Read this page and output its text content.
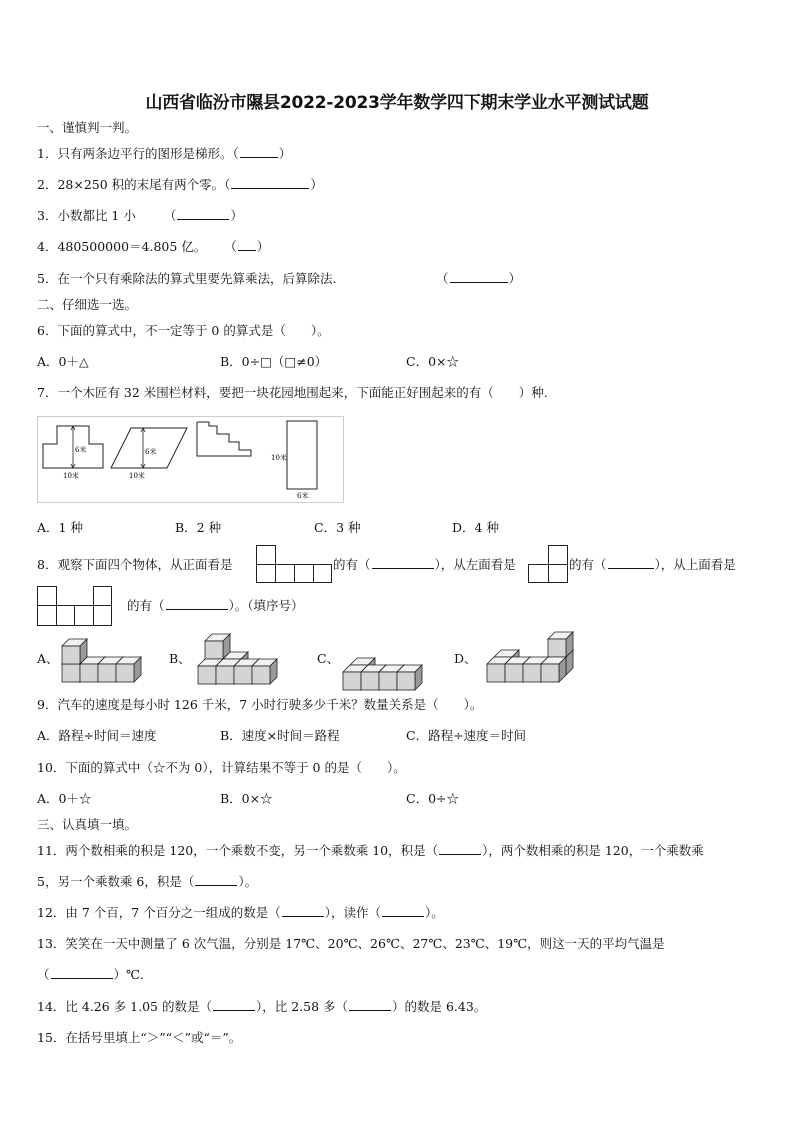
山西省临汾市隰县2022-2023学年数学四下期末学业水平测试试题
一、谨慎判一判。
1．只有两条边平行的图形是梯形。（	）
2．28×250 积的末尾有两个零。（	）
3．小数都比 1 小 （	）
4．480500000＝4.805 亿。 （ ）
5．在一个只有乘除法的算式里要先算乘法，后算除法.	（	）
二、仔细选一选。
6．下面的算式中，不一定等于 0 的算式是（　　）。
A．0＋△	B．0÷□（□≠0）	C．0×☆
7．一个木匠有 32 米围栏材料，要把一块花园地围起来，下面能正好围起来的有（　　）种.
6米
10米
6米
10米
10米
6米
A．1 种	B．2 种	C．3 种	D．4 种
8．观察下面四个物体，从正面看是	的有（	），从左面看是	的有（	），从上面看是
的有（	）。（填序号）
A、	B、	C、	D、
9．汽车的速度是每小时 126 千米，7 小时行驶多少千米？数量关系是（　　）。
A．路程÷时间＝速度	B．速度×时间＝路程	C．路程÷速度＝时间
10．下面的算式中（☆不为 0），计算结果不等于 0 的是（　　）。
A．0＋☆	B．0×☆	C．0÷☆
三、认真填一填。
11．两个数相乘的积是 120，一个乘数不变，另一个乘数乘 10，积是（	），两个数相乘的积是 120，一个乘数乘
5，另一个乘数乘 6，积是（	）。
12．由 7 个百，7 个百分之一组成的数是（	），读作（	）。
13．笑笑在一天中测量了 6 次气温，分别是 17℃、20℃、26℃、27℃、23℃、19℃，则这一天的平均气温是
（	）℃.
14．比 4.26 多 1.05 的数是（	），比 2.58 多（	）的数是 6.43。
15．在括号里填上“＞”“＜”或“＝”。
